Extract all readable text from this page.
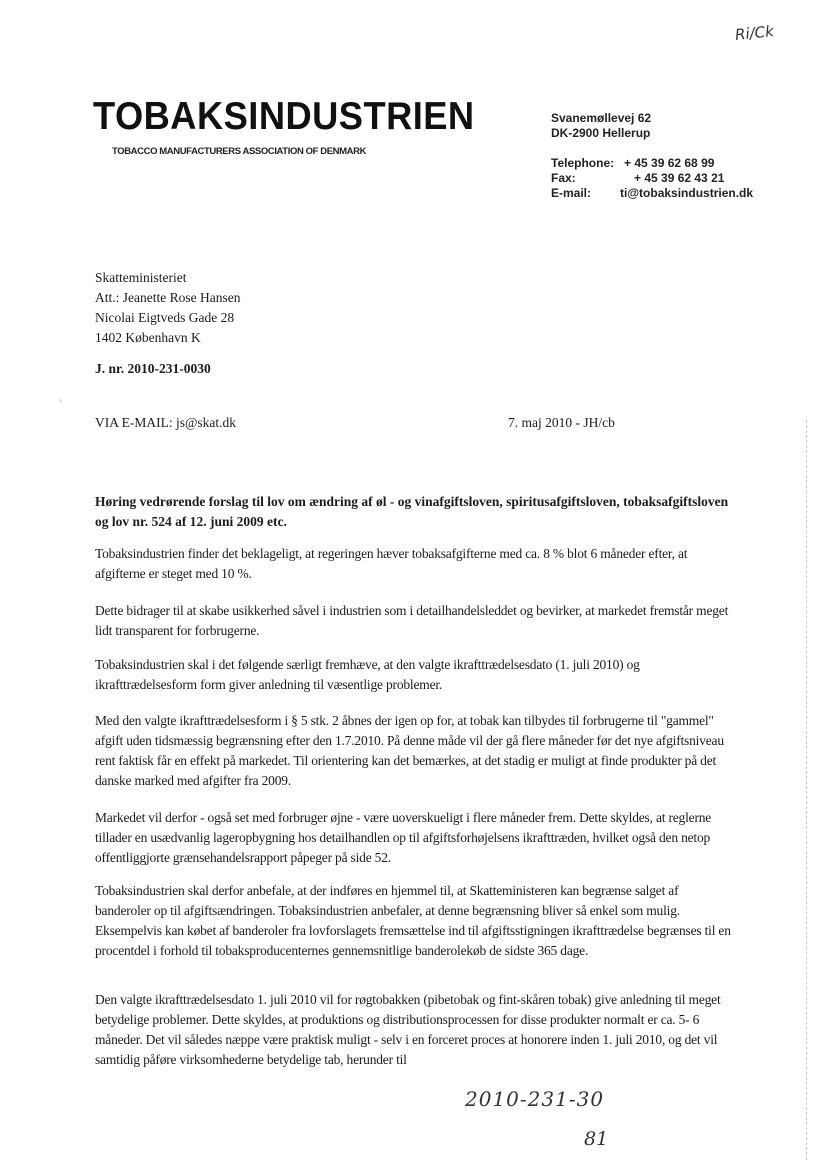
Ri/Ck
TOBAKSINDUSTRIEN
TOBACCO MANUFACTURERS ASSOCIATION OF DENMARK
Svanemøllevej 62
DK-2900 Hellerup
Telephone: + 45 39 62 68 99
Fax:	+ 45 39 62 43 21
E-mail: ti@tobaksindustrien.dk
Skatteministeriet
Att.: Jeanette Rose Hansen
Nicolai Eigtveds Gade 28
1402 København K
J. nr. 2010-231-0030
'
VIA E-MAIL: js@skat.dk	7. maj 2010 - JH/cb
Høring vedrørende forslag til lov om ændring af øl - og vinafgiftsloven, spiritusafgiftsloven, tobaksafgiftsloven og lov nr. 524 af 12. juni 2009 etc.

Tobaksindustrien finder det beklageligt, at regeringen hæver tobaksafgifterne med ca. 8 % blot 6 måneder efter, at afgifterne er steget med 10 %.

Dette bidrager til at skabe usikkerhed såvel i industrien som i detailhandelsleddet og bevirker, at markedet fremstår meget lidt transparent for forbrugerne.

Tobaksindustrien skal i det følgende særligt fremhæve, at den valgte ikrafttrædelsesdato (1. juli 2010) og ikrafttrædelsesform form giver anledning til væsentlige problemer.

Med den valgte ikrafttrædelsesform i § 5 stk. 2 åbnes der igen op for, at tobak kan tilbydes til forbrugerne til "gammel" afgift uden tidsmæssig begrænsning efter den 1.7.2010. På denne måde vil der gå flere måneder før det nye afgiftsniveau rent faktisk får en effekt på markedet. Til orientering kan det bemærkes, at det stadig er muligt at finde produkter på det danske marked med afgifter fra 2009.

Markedet vil derfor - også set med forbruger øjne - være uoverskueligt i flere måneder frem. Dette skyldes, at reglerne tillader en usædvanlig lageropbygning hos detailhandlen op til afgiftsforhøjelsens ikrafttræden, hvilket også den netop offentliggjorte grænsehandelsrapport påpeger på side 52.

Tobaksindustrien skal derfor anbefale, at der indføres en hjemmel til, at Skatteministeren kan begrænse salget af banderoler op til afgiftsændringen. Tobaksindustrien anbefaler, at denne begrænsning bliver så enkel som mulig. Eksempelvis kan købet af banderoler fra lovforslagets fremsættelse ind til afgiftsstigningen ikrafttrædelse begrænses til en procentdel i forhold til tobaksproducenternes gennemsnitlige banderolekøb de sidste 365 dage.

Den valgte ikrafttrædelsesdato 1. juli 2010 vil for røgtobakken (pibetobak og fint-skåren tobak) give anledning til meget betydelige problemer. Dette skyldes, at produktions og distributionsprocessen for disse produkter normalt er ca. 5- 6 måneder. Det vil således næppe være praktisk muligt - selv i en forceret proces at honorere inden 1. juli 2010, og det vil samtidig påføre virksomhederne betydelige tab, herunder til

2010-231-30
81
